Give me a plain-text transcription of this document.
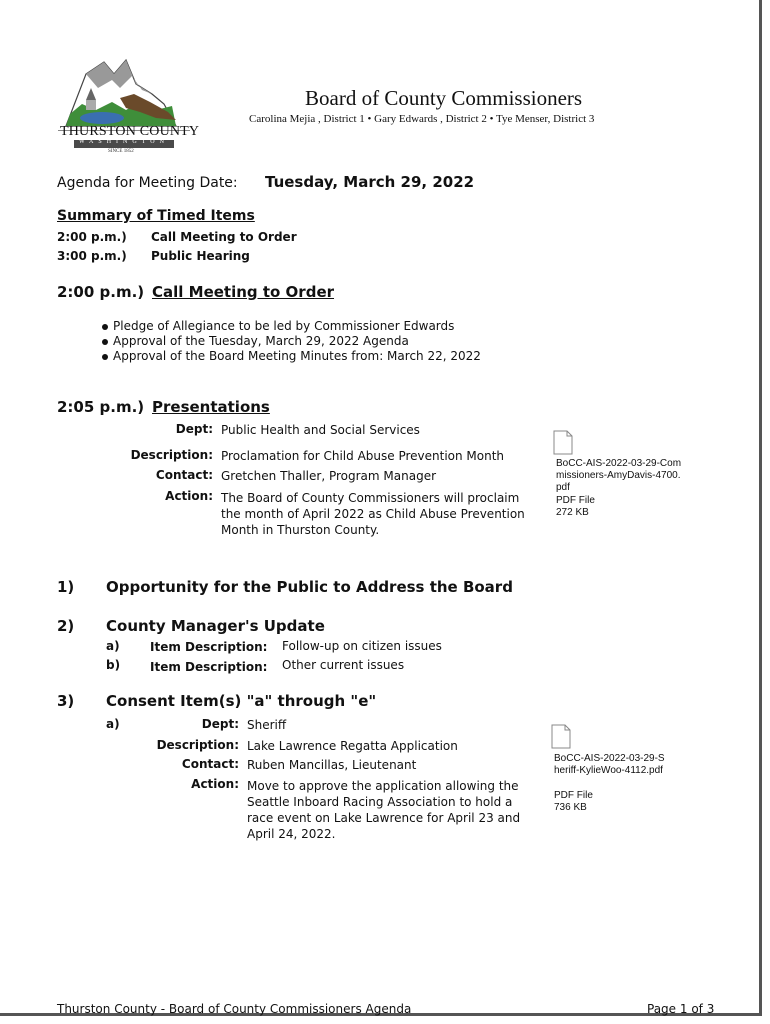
THURSTON COUNTY
WASHINGTON
SINCE 1852
Board of County Commissioners
Carolina Mejia , District 1 • Gary Edwards , District 2 • Tye Menser, District 3
Agenda for Meeting Date: Tuesday, March 29, 2022
Summary of Timed Items
2:00 p.m.) Call Meeting to Order
3:00 p.m.) Public Hearing
2:00 p.m.) Call Meeting to Order
Pledge of Allegiance to be led by Commissioner Edwards
Approval of the Tuesday, March 29, 2022 Agenda
Approval of the Board Meeting Minutes from: March 22, 2022
2:05 p.m.) Presentations
Dept: Public Health and Social Services
Description: Proclamation for Child Abuse Prevention Month
Contact: Gretchen Thaller, Program Manager
Action: The Board of County Commissioners will proclaim the month of April 2022 as Child Abuse Prevention Month in Thurston County.
BoCC-AIS-2022-03-29-Commissioners-AmyDavis-4700.pdf
PDF File
272 KB
1) Opportunity for the Public to Address the Board
2) County Manager's Update
a)	Item Description: Follow-up on citizen issues
b) Item Description: Other current issues
3) Consent Item(s) "a" through "e"
a)	Dept: Sheriff
Description: Lake Lawrence Regatta Application
Contact: Ruben Mancillas, Lieutenant
Action: Move to approve the application allowing the Seattle Inboard Racing Association to hold a race event on Lake Lawrence for April 23 and April 24, 2022.
BoCC-AIS-2022-03-29-Sheriff-KylieWoo-4112.pdf
PDF File
736 KB
Thurston County - Board of County Commissioners Agenda	Page 1 of 3
